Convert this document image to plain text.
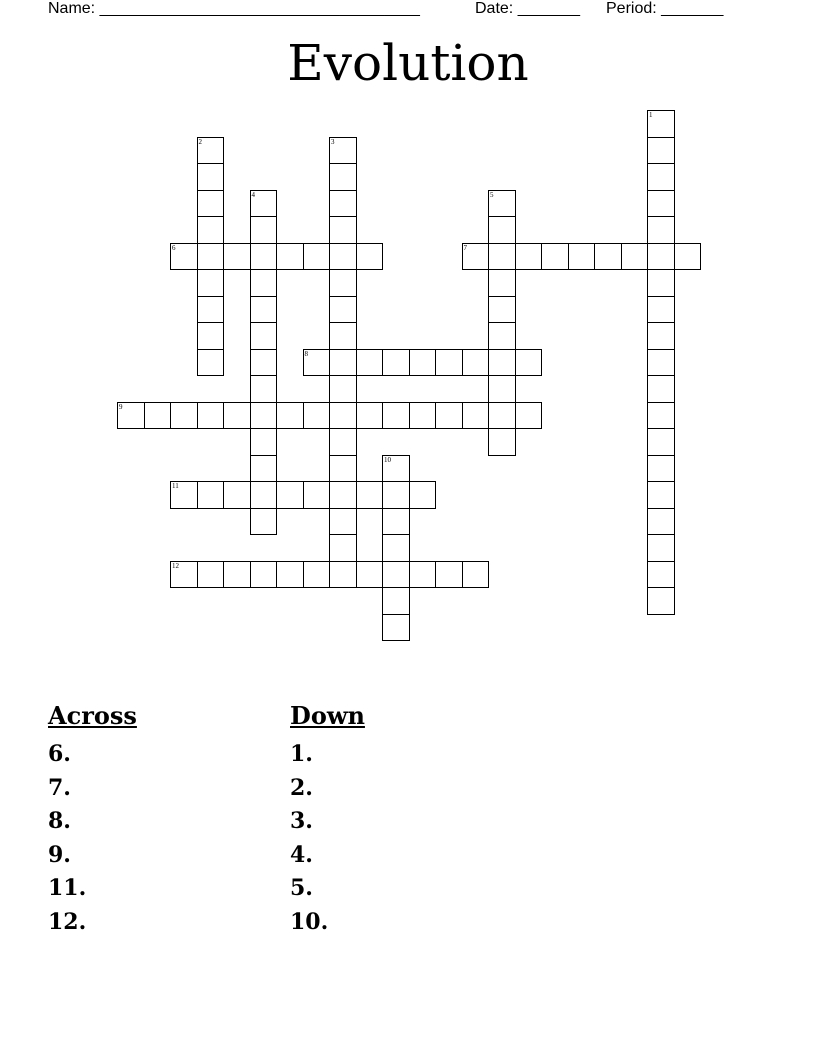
Name: ____________________________________

	Date: _______

Period: _______

Evolution
1
2	3
4	5
6	7
8
9
10
11
12
Across
6.
7.
8.
9.
11.
12.
Down
1.
2.
3.
4.
5.
10.
